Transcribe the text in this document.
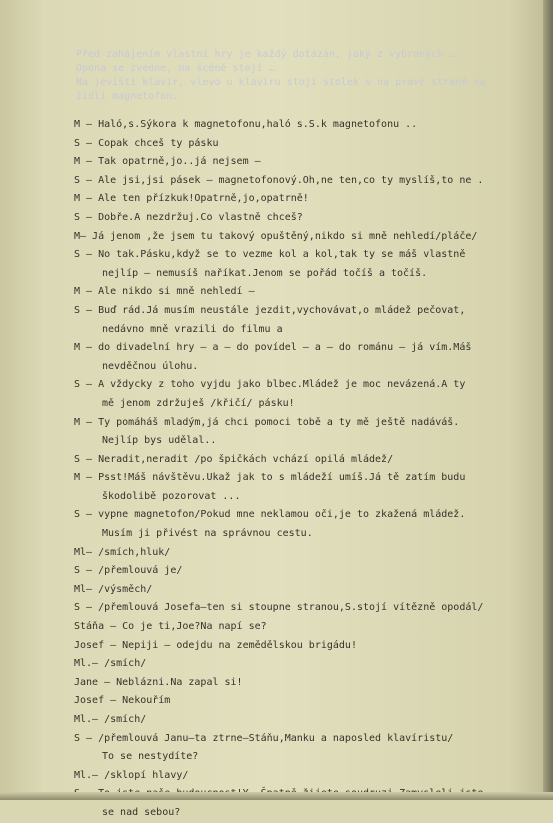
Před zahájením vlastní hry je každý dotázán, jaký z vybraných …
Opona se zvedne, na scéně stojí …
Na jevišti klavír, vlevo u klavíru stojí stolek s na pravé straně na
židli magnetofon.
M – Haló,s.Sýkora k magnetofonu,haló s.S.k magnetofonu ..
S – Copak chceš ty pásku
M – Tak opatrně,jo..já nejsem –
S – Ale jsi,jsi pásek – magnetofonový.Oh,ne ten,co ty myslíš,to ne .
M – Ale ten přízkuk!Opatrně,jo,opatrně!
S – Dobře.A nezdržuj.Co vlastně chceš?
M– Já jenom ,že jsem tu takový opuštěný,nikdo si mně nehledí/pláče/
S – No tak.Pásku,když se to vezme kol a kol,tak ty se máš vlastně
nejlíp – nemusíš naříkat.Jenom se pořád točíš a točíš.
M – Ale nikdo si mně nehledí –
S – Buď rád.Já musím neustále jezdit,vychovávat,o mládež pečovat,
nedávno mně vrazili do filmu a
M – do divadelní hry – a – do povídel – a – do románu – já vím.Máš
nevděčnou úlohu.
S – A vždycky z toho vyjdu jako blbec.Mládež je moc nevázená.A ty
mě jenom zdržuješ /křičí/ pásku!
M – Ty pomáháš mladým,já chci pomoci tobě a ty mě ještě nadáváš.
Nejlíp bys udělal..
S – Neradit,neradit /po špičkách vchází opilá mládež/
M – Psst!Máš návštěvu.Ukaž jak to s mládeží umíš.Já tě zatím budu
škodolibě pozorovat ...
S – vypne magnetofon/Pokud mne neklamou oči,je to zkažená mládež.
Musím ji přivést na správnou cestu.
Ml– /smích,hluk/
S – /přemlouvá je/
Ml– /výsměch/
S – /přemlouvá Josefa–ten si stoupne stranou,S.stojí vítězně opodál/
Stáňa – Co je ti,Joe?Na napí se?
Josef – Nepiji – odejdu na zemědělskou brigádu!
Ml.– /smích/
Jane – Neblázni.Na zapal si!
Josef – Nekouřím
Ml.– /smích/
S – /přemlouvá Janu–ta ztrne–Stáňu,Manku a naposled klavíristu/
To se nestydíte?
Ml.– /sklopí hlavy/
se nad sebou?
